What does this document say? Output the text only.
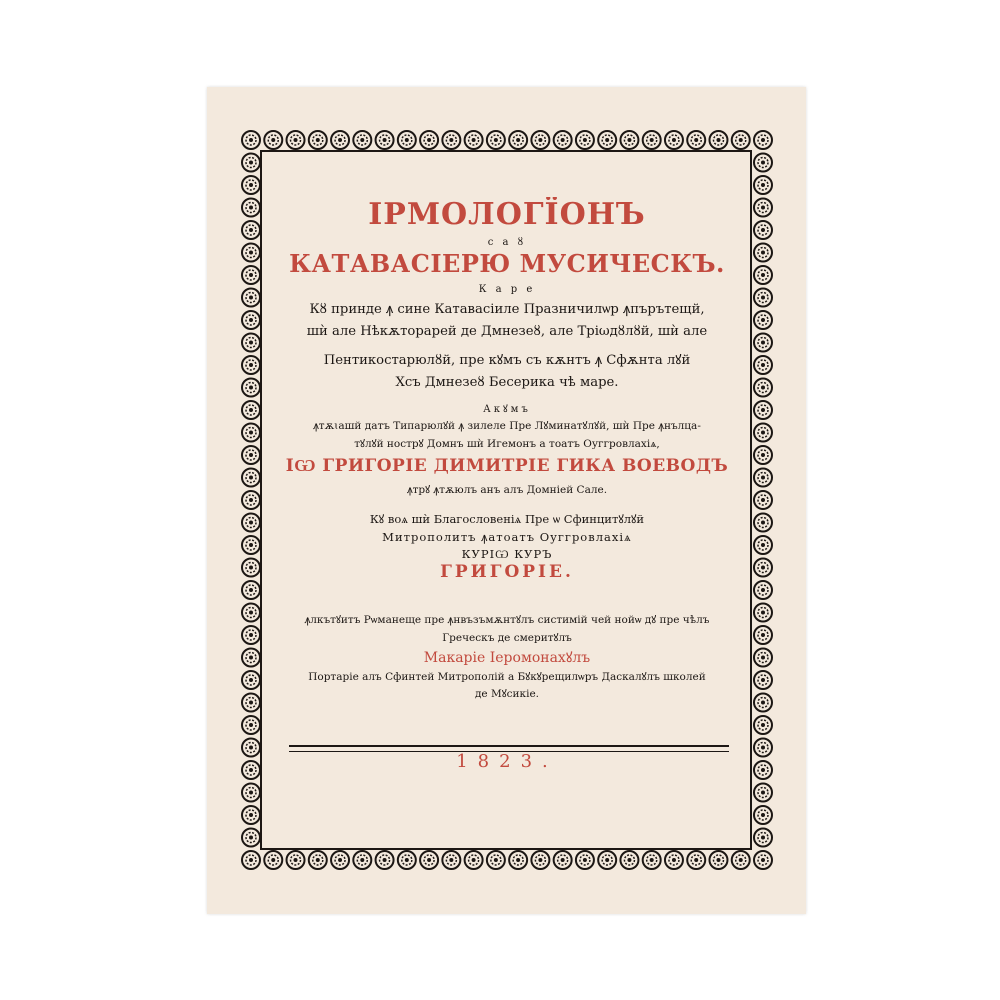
ІРМОЛОГЇОНЪ
с а ȣ
КАТАВАСІЕРЮ МУСИЧЕСКЪ.
К а р е
Кȣ принде ꙟ сине Катавасіиле Празничилѡр ꙟпърътещй,
шѝ але Нѣкѫторарей де Дмнезеȣ, але Тріωдȣлȣй, шѝ але
Пентикостарюлȣй, пре кꙋмъ съ кѫнтъ ꙟ Сфѫнта лꙋй
Хсъ Дмнезеȣ Бесерика чѣ маре.
Акꙋмъ
ꙟтѫꙇашй датъ Типарюлꙋй ꙟ зилеле Пре Лꙋминатꙋлꙋй, шѝ Пре ꙟнълца-
тꙋлꙋй нострꙋ Домнъ шѝ Игемонъ а тоатъ Оуггровлахіѧ,
ІѠ ГРИГОРІЕ ДИМИТРІЕ ГИКА ВОЕВОДЪ
ꙟтрꙋ ꙟтѫюлъ анъ алъ Домніей Сале.
Кꙋ воѧ шѝ Благословеніѧ Пре ѡ Сфинцитꙋлꙋй
Митрополитъ ꙟатоатъ Оуггровлахіѧ
КУРІѠ КУРЪ
ГРИГОРІЕ.
ꙟлкътꙋитъ Рѡманеще пре ꙟнвъзъмѫнтꙋлъ систимій чей нойѡ дꙋ пре чѣлъ
Греческъ де смеритꙋлъ
Макаріе Іеромонахꙋлъ
Портаріе алъ Сфинтей Митрополій а Бꙋкꙋрещилѡръ Даскалꙋлъ школей
де Мꙋсикіе.
1823.
